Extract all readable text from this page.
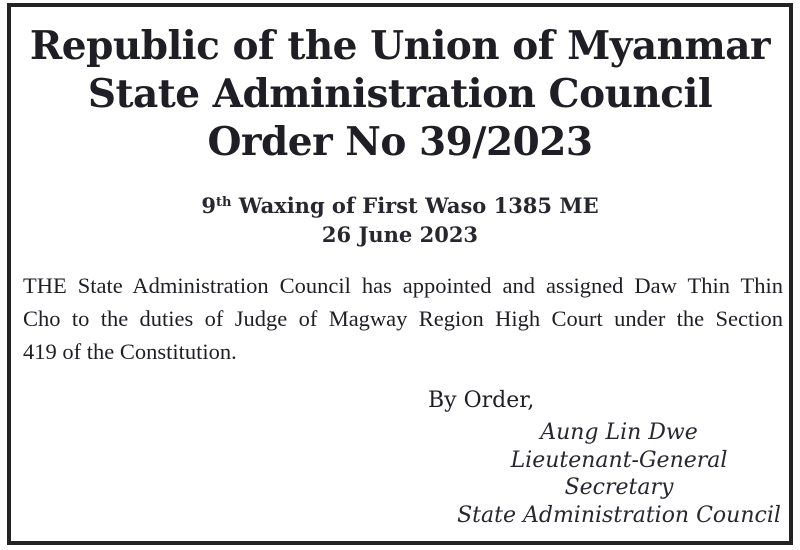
Republic of the Union of Myanmar
State Administration Council
Order No 39/2023
9th Waxing of First Waso 1385 ME
26 June 2023
THE State Administration Council has appointed and assigned Daw Thin Thin
Cho to the duties of Judge of Magway Region High Court under the Section
419 of the Constitution.
By Order,
Aung Lin Dwe
Lieutenant-General
Secretary
State Administration Council
